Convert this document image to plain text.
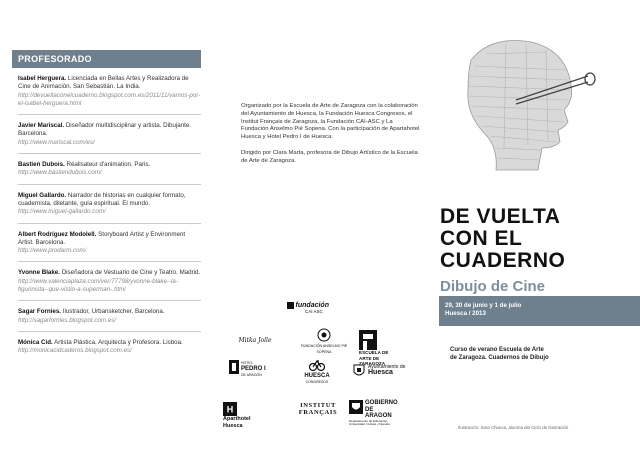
PROFESORADO
Isabel Herguera. Licenciada en Bellas Artes y Realizadora de Cine de Animación. San Sebastián. La India.
http://devueltaconelcuaderno.blogspot.com.es/2011/11/vamos-por-el-isabel-herguera.html
Javier Mariscal. Diseñador multidisciplinar y artista. Dibujante. Barcelona.
http://www.mariscal.com/es/
Bastien Dubois. Réalisateur d'animation. Paris.
http://www.bastiendubois.com/
Miguel Gallardo. Narrador de historias en cualquier formato, cuadernista, diletante, guía espiritual. El mundo.
http://www.miguel-gallardo.com/
Albert Rodríguez Modolell. Storyboard Artist y Environment Artist. Barcelona.
http://www.prodarm.com/
Yvonne Blake. Diseñadora de Vestuario de Cine y Teatro. Madrid.
http://www.valenciaplaza.com/ver/77798/yvonne-blake--la-figurinista--que-vistio-a-superman-.html
Sagar Fornies. Ilustrador, Urbansketcher. Barcelona.
http://sagarfornies.blogspot.com.es/
Mónica Cid. Artista Plástica. Arquitecta y Profesora. Lisboa.
http://monicacidcaderos.blogspot.com.es/

Organizado por la Escuela de Arte de Zaragoza con la colaboración del Ayuntamiento de Huesca, la Fundación Huesca Congresos, el Institut Français de Zaragoza, la Fundación CAI-ASC y La Fundación Anselmo Pié Sopena. Con la participación de Apartahotel Huesca y Hotel Pedro I de Huesca.

Dirigido por Clara Marta, profesora de Dibujo Artístico de la Escuela de Arte de Zaragoza.

fundación
CAI ASC
Mitka Jolle
FUNDACIÓN ANSELMO PIÉ SOPENA	ESCUELA DE ARTE DE ZARAGOZA
HOTEL
PEDRO I
DE ARAGÓN	HUESCA
CONGRESOS
Ayuntamiento de
Huesca
H
Aparthotel Huesca
INSTITUT FRANÇAIS
GOBIERNO DE ARAGON
Departamento de Educación, Universidad, Cultura y Deporte
DE VUELTA
CON EL
CUADERNO
Dibujo de Cine
29, 30 de junio y 1 de julio
Huesca / 2013
Curso de verano Escuela de Arte
de Zaragoza. Cuadernos de Dibujo
Ilustración: Sara Chueca, alumna del Ciclo de Ilustración
